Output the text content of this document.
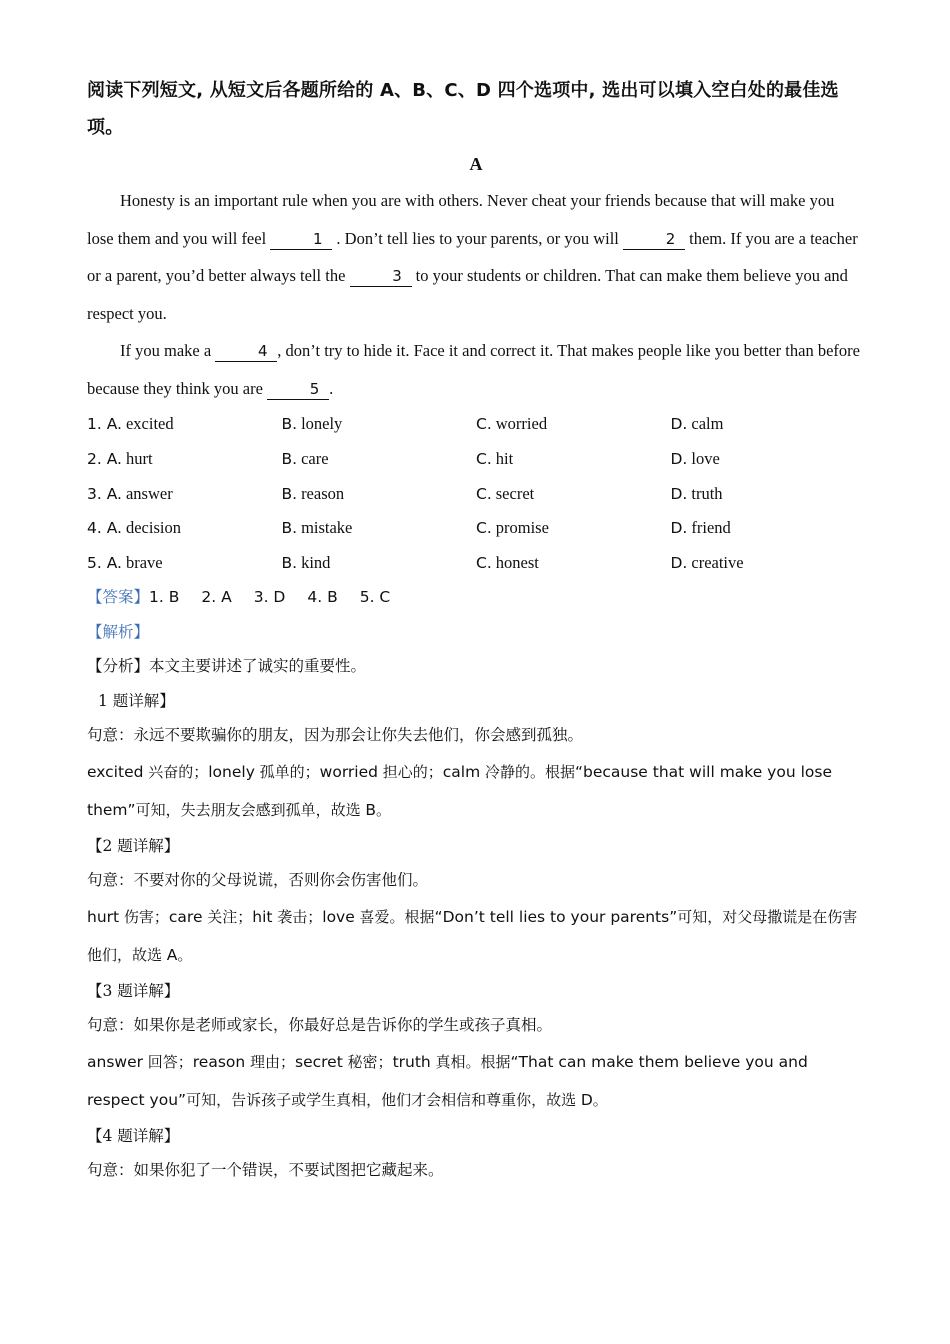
阅读下列短文, 从短文后各题所给的 A、B、C、D 四个选项中, 选出可以填入空白处的最佳选项。

A

Honesty is an important rule when you are with others. Never cheat your friends because that will make you lose them and you will feel	1 . Don’t tell lies to your parents, or you will	2 them. If you are a teacher or a parent, you’d better always tell the	3 to your students or children. That can make them believe you and respect you.

If you make a	4 , don’t try to hide it. Face it and correct it. That makes people like you better than before because they think you are	5 .

1. A. excited	B. lonely	C. worried	D. calm
2. A. hurt	B. care	C. hit	D. love
3. A. answer	B. reason	C. secret	D. truth
4. A. decision	B. mistake	C. promise	D. friend
5. A. brave	B. kind	C. honest	D. creative

【答案】1. B 2. A 3. D 4. B 5. C

【解析】

【分析】本文主要讲述了诚实的重要性。

1 题详解】

句意：永远不要欺骗你的朋友，因为那会让你失去他们，你会感到孤独。

excited 兴奋的；lonely 孤单的；worried 担心的；calm 冷静的。根据“because that will make you lose them”可知，失去朋友会感到孤单，故选 B。

【2 题详解】

句意：不要对你的父母说谎，否则你会伤害他们。

hurt 伤害；care 关注；hit 袭击；love 喜爱。根据“Don’t tell lies to your parents”可知，对父母撒谎是在伤害他们，故选 A。

【3 题详解】

句意：如果你是老师或家长，你最好总是告诉你的学生或孩子真相。

answer 回答；reason 理由；secret 秘密；truth 真相。根据“That can make them believe you and respect you”可知，告诉孩子或学生真相，他们才会相信和尊重你，故选 D。

【4 题详解】

句意：如果你犯了一个错误，不要试图把它藏起来。
